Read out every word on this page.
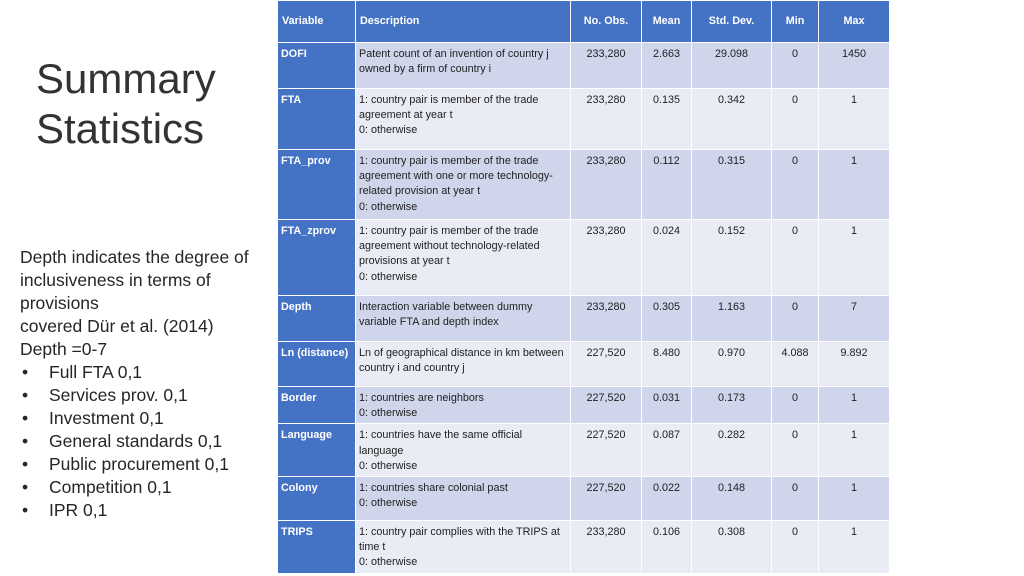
Summary
Statistics
Depth indicates the degree of inclusiveness in terms of provisions
covered Dür et al. (2014)
Depth =0-7
• Full FTA 0,1
• Services prov. 0,1
• Investment 0,1
• General standards 0,1
• Public procurement 0,1
• Competition 0,1
• IPR 0,1
Variable	Description	No. Obs.	Mean	Std. Dev.	Min	Max
DOFI	Patent count of an invention of country j owned by a firm of country i	233,280	2.663	29.098	0	1450
FTA	1: country pair is member of the trade agreement at year t
0: otherwise	233,280	0.135	0.342	0	1
FTA_prov	1: country pair is member of the trade agreement with one or more technology-related provision at year t
0: otherwise	233,280	0.112	0.315	0	1
FTA_zprov	1: country pair is member of the trade agreement without technology-related provisions at year t
0: otherwise	233,280	0.024	0.152	0	1
Depth	Interaction variable between dummy variable FTA and depth index	233,280	0.305	1.163	0	7
Ln (distance)	Ln of geographical distance in km between country i and country j	227,520	8.480	0.970	4.088	9.892
Border	1: countries are neighbors
0: otherwise	227,520	0.031	0.173	0	1
Language	1: countries have the same official language
0: otherwise	227,520	0.087	0.282	0	1
Colony	1: countries share colonial past
0: otherwise	227,520	0.022	0.148	0	1
TRIPS	1: country pair complies with the TRIPS at time t
0: otherwise	233,280	0.106	0.308	0	1
